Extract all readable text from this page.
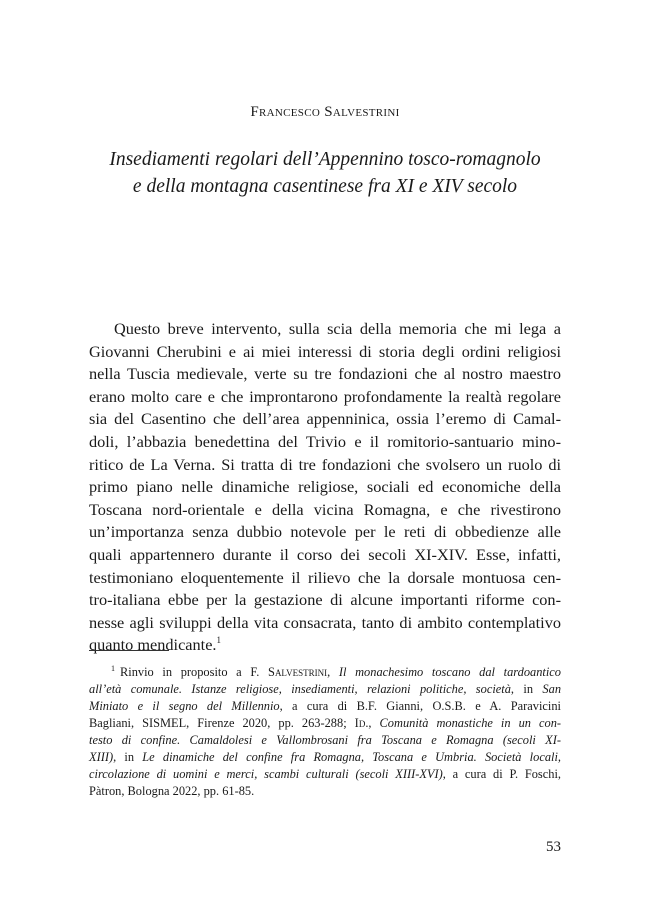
Francesco Salvestrini
Insediamenti regolari dell’Appennino tosco-romagnolo
e della montagna casentinese fra XI e XIV secolo
Questo breve intervento, sulla scia della memoria che mi lega a
Giovanni Cherubini e ai miei interessi di storia degli ordini religiosi
nella Tuscia medievale, verte su tre fondazioni che al nostro maestro
erano molto care e che improntarono profondamente la realtà regolare
sia del Casentino che dell’area appenninica, ossia l’eremo di Camal-
doli, l’abbazia benedettina del Trivio e il romitorio-santuario mino-
ritico de La Verna. Si tratta di tre fondazioni che svolsero un ruolo di
primo piano nelle dinamiche religiose, sociali ed economiche della
Toscana nord-orientale e della vicina Romagna, e che rivestirono
un’importanza senza dubbio notevole per le reti di obbedienze alle
quali appartennero durante il corso dei secoli XI-XIV. Esse, infatti,
testimoniano eloquentemente il rilievo che la dorsale montuosa cen-
tro-italiana ebbe per la gestazione di alcune importanti riforme con-
nesse agli sviluppi della vita consacrata, tanto di ambito contemplativo
quanto mendicante.$^1$
$^1$ Rinvio in proposito a F. Salvestrini, Il monachesimo toscano dal tardoantico
all’età comunale. Istanze religiose, insediamenti, relazioni politiche, società, in San
Miniato e il segno del Millennio, a cura di B.F. Gianni, O.S.B. e A. Paravicini
Bagliani, SISMEL, Firenze 2020, pp. 263-288; Id., Comunità monastiche in un con-
testo di confine. Camaldolesi e Vallombrosani fra Toscana e Romagna (secoli XI-
XIII), in Le dinamiche del confine fra Romagna, Toscana e Umbria. Società locali,
circolazione di uomini e merci, scambi culturali (secoli XIII-XVI), a cura di P. Foschi,
Pàtron, Bologna 2022, pp. 61-85.
53
